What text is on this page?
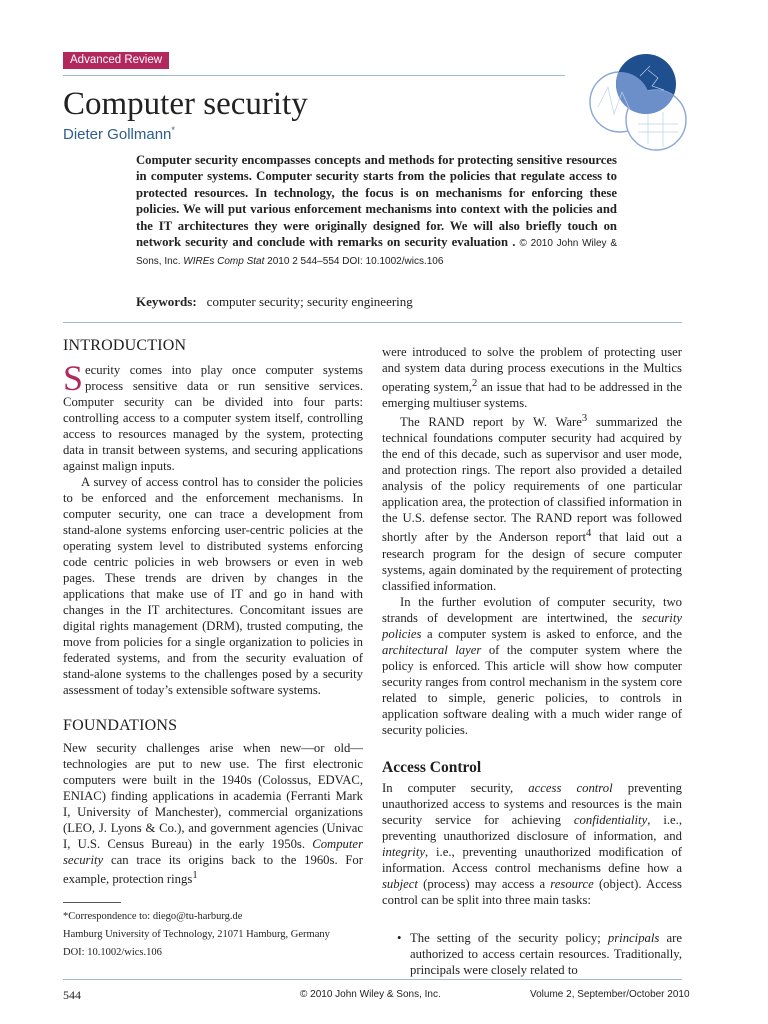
Advanced Review
Computer security
Dieter Gollmann*
Computer security encompasses concepts and methods for protecting sensitive resources in computer systems. Computer security starts from the policies that regulate access to protected resources. In technology, the focus is on mechanisms for enforcing these policies. We will put various enforcement mechanisms into context with the policies and the IT architectures they were originally designed for. We will also briefly touch on network security and conclude with remarks on security evaluation . © 2010 John Wiley & Sons, Inc. WIREs Comp Stat 2010 2 544–554 DOI: 10.1002/wics.106
Keywords: computer security; security engineering
INTRODUCTION

Security comes into play once computer systems process sensitive data or run sensitive services. Computer security can be divided into four parts: controlling access to a computer system itself, controlling access to resources managed by the system, protecting data in transit between systems, and securing applications against malign inputs.

A survey of access control has to consider the policies to be enforced and the enforcement mechanisms. In computer security, one can trace a development from stand-alone systems enforcing user-centric policies at the operating system level to distributed systems enforcing code centric policies in web browsers or even in web pages. These trends are driven by changes in the applications that make use of IT and go in hand with changes in the IT architectures. Concomitant issues are digital rights management (DRM), trusted computing, the move from policies for a single organization to policies in federated systems, and from the security evaluation of stand-alone systems to the challenges posed by a security assessment of today’s extensible software systems.

FOUNDATIONS

New security challenges arise when new—or old—technologies are put to new use. The first electronic computers were built in the 1940s (Colossus, EDVAC, ENIAC) finding applications in academia (Ferranti Mark I, University of Manchester), commercial organizations (LEO, J. Lyons & Co.), and government agencies (Univac I, U.S. Census Bureau) in the early 1950s. Computer security can trace its origins back to the 1960s. For example, protection rings$^1$

*Correspondence to: diego@tu-harburg.de
Hamburg University of Technology, 21071 Hamburg, Germany
DOI: 10.1002/wics.106

were introduced to solve the problem of protecting user and system data during process executions in the Multics operating system,$^2$ an issue that had to be addressed in the emerging multiuser systems.

The RAND report by W. Ware$^3$ summarized the technical foundations computer security had acquired by the end of this decade, such as supervisor and user mode, and protection rings. The report also provided a detailed analysis of the policy requirements of one particular application area, the protection of classified information in the U.S. defense sector. The RAND report was followed shortly after by the Anderson report$^4$ that laid out a research program for the design of secure computer systems, again dominated by the requirement of protecting classified information.

In the further evolution of computer security, two strands of development are intertwined, the security policies a computer system is asked to enforce, and the architectural layer of the computer system where the policy is enforced. This article will show how computer security ranges from control mechanism in the system core related to simple, generic policies, to controls in application software dealing with a much wider range of security policies.

Access Control

In computer security, access control preventing unauthorized access to systems and resources is the main security service for achieving confidentiality, i.e., preventing unauthorized disclosure of information, and integrity, i.e., preventing unauthorized modification of information. Access control mechanisms define how a subject (process) may access a resource (object). Access control can be split into three main tasks:

• The setting of the security policy; principals are authorized to access certain resources. Traditionally, principals were closely related to

544	© 2010 John Wiley & Sons, Inc.	Volume 2, September/October 2010
